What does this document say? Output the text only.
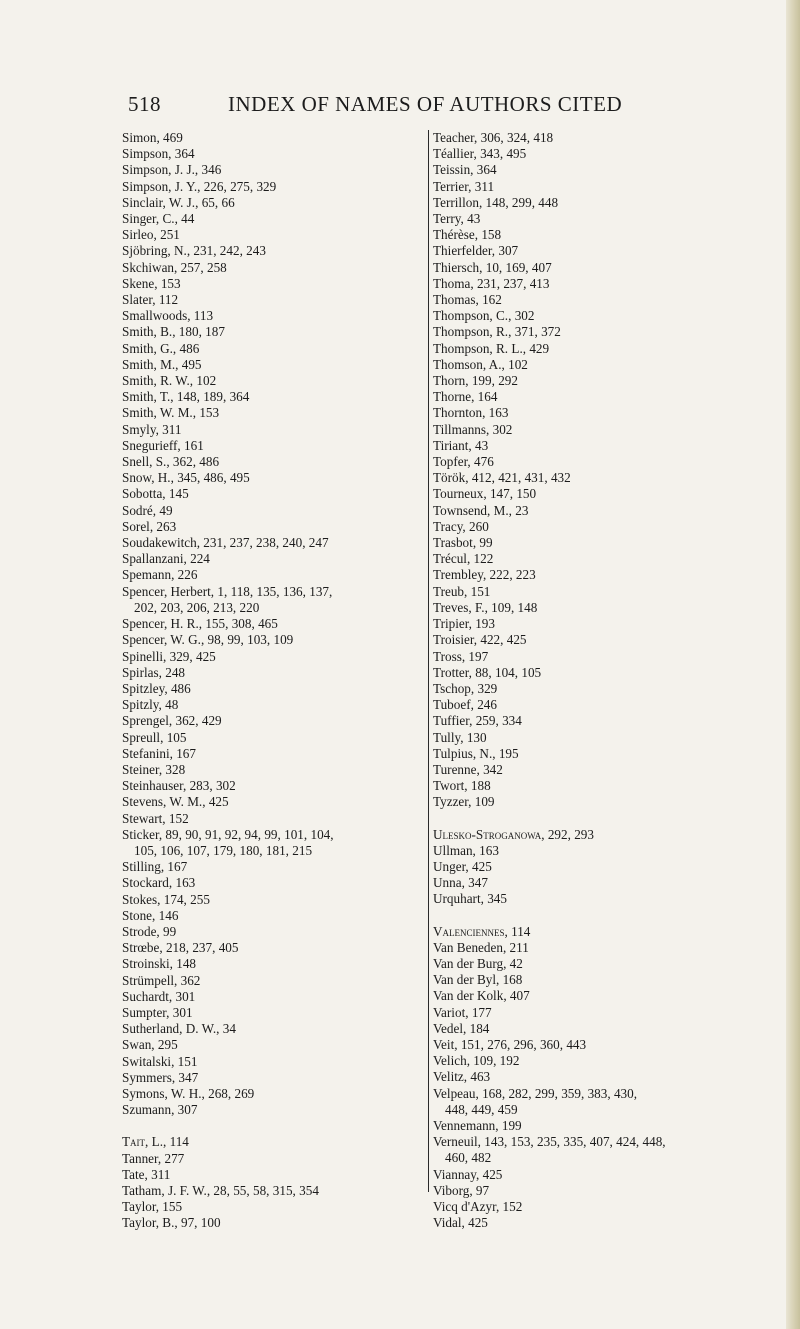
518	INDEX OF NAMES OF AUTHORS CITED
Simon, 469
Simpson, 364
Simpson, J. J., 346
Simpson, J. Y., 226, 275, 329
Sinclair, W. J., 65, 66
Singer, C., 44
Sirleo, 251
Sjöbring, N., 231, 242, 243
Skchiwan, 257, 258
Skene, 153
Slater, 112
Smallwoods, 113
Smith, B., 180, 187
Smith, G., 486
Smith, M., 495
Smith, R. W., 102
Smith, T., 148, 189, 364
Smith, W. M., 153
Smyly, 311
Snegurieff, 161
Snell, S., 362, 486
Snow, H., 345, 486, 495
Sobotta, 145
Sodré, 49
Sorel, 263
Soudakewitch, 231, 237, 238, 240, 247
Spallanzani, 224
Spemann, 226
Spencer, Herbert, 1, 118, 135, 136, 137,
202, 203, 206, 213, 220
Spencer, H. R., 155, 308, 465
Spencer, W. G., 98, 99, 103, 109
Spinelli, 329, 425
Spirlas, 248
Spitzley, 486
Spitzly, 48
Sprengel, 362, 429
Spreull, 105
Stefanini, 167
Steiner, 328
Steinhauser, 283, 302
Stevens, W. M., 425
Stewart, 152
Sticker, 89, 90, 91, 92, 94, 99, 101, 104,
105, 106, 107, 179, 180, 181, 215
Stilling, 167
Stockard, 163
Stokes, 174, 255
Stone, 146
Strode, 99
Strœbe, 218, 237, 405
Stroinski, 148
Strümpell, 362
Suchardt, 301
Sumpter, 301
Sutherland, D. W., 34
Swan, 295
Switalski, 151
Symmers, 347
Symons, W. H., 268, 269
Szumann, 307
Tait, L., 114
Tanner, 277
Tate, 311
Tatham, J. F. W., 28, 55, 58, 315, 354
Taylor, 155
Taylor, B., 97, 100
Teacher, 306, 324, 418
Téallier, 343, 495
Teissin, 364
Terrier, 311
Terrillon, 148, 299, 448
Terry, 43
Thérèse, 158
Thierfelder, 307
Thiersch, 10, 169, 407
Thoma, 231, 237, 413
Thomas, 162
Thompson, C., 302
Thompson, R., 371, 372
Thompson, R. L., 429
Thomson, A., 102
Thorn, 199, 292
Thorne, 164
Thornton, 163
Tillmanns, 302
Tiriant, 43
Topfer, 476
Török, 412, 421, 431, 432
Tourneux, 147, 150
Townsend, M., 23
Tracy, 260
Trasbot, 99
Trécul, 122
Trembley, 222, 223
Treub, 151
Treves, F., 109, 148
Tripier, 193
Troisier, 422, 425
Tross, 197
Trotter, 88, 104, 105
Tschop, 329
Tuboef, 246
Tuffier, 259, 334
Tully, 130
Tulpius, N., 195
Turenne, 342
Twort, 188
Tyzzer, 109
Ulesko-Stroganowa, 292, 293
Ullman, 163
Unger, 425
Unna, 347
Urquhart, 345
Valenciennes, 114
Van Beneden, 211
Van der Burg, 42
Van der Byl, 168
Van der Kolk, 407
Variot, 177
Vedel, 184
Veit, 151, 276, 296, 360, 443
Velich, 109, 192
Velitz, 463
Velpeau, 168, 282, 299, 359, 383, 430,
448, 449, 459
Vennemann, 199
Verneuil, 143, 153, 235, 335, 407, 424, 448,
460, 482
Viannay, 425
Viborg, 97
Vicq d'Azyr, 152
Vidal, 425
